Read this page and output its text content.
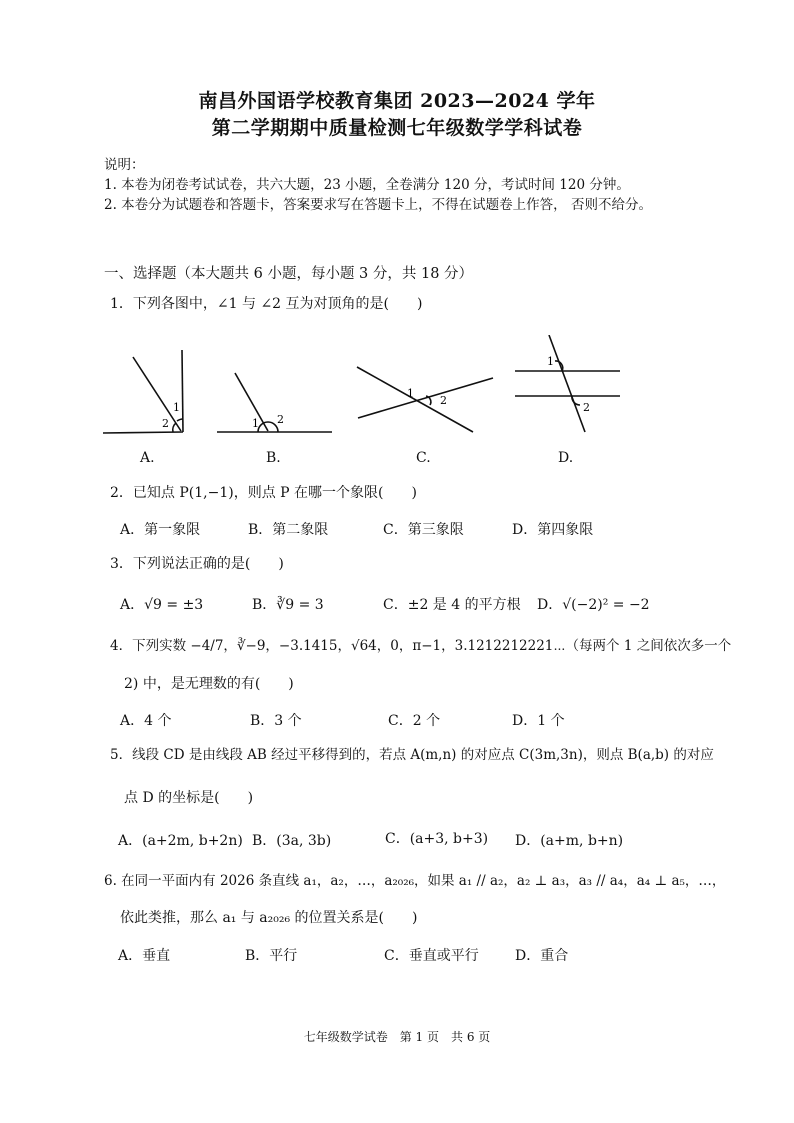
南昌外国语学校教育集团 2023—2024 学年
第二学期期中质量检测七年级数学学科试卷
说明：
1. 本卷为闭卷考试试卷，共六大题，23 小题，全卷满分 120 分，考试时间 120 分钟。
2. 本卷分为试题卷和答题卡，答案要求写在答题卡上，不得在试题卷上作答， 否则不给分。
一、选择题（本大题共 6 小题，每小题 3 分，共 18 分）
1．下列各图中，∠1 与 ∠2 互为对顶角的是(　　)
2
1
1 2
1
2
1
2
A.	B.	C.	D.
2．已知点 P(1,−1)，则点 P 在哪一个象限(　　)
A．第一象限	B．第二象限	C．第三象限	D．第四象限
3．下列说法正确的是(　　)
A．√9 = ±3	B．∛9 = 3	C．±2 是 4 的平方根 D．√(−2)² = −2
4．下列实数 −4/7，∛−9，−3.1415，√64，0，π−1，3.1212212221⋯（每两个 1 之间依次多一个
2) 中，是无理数的有(　　)
A．4 个	B．3 个	C．2 个	D．1 个
5．线段 CD 是由线段 AB 经过平移得到的，若点 A(m,n) 的对应点 C(3m,3n)，则点 B(a,b) 的对应
点 D 的坐标是(　　)
A．(a+2m, b+2n) B．(3a, 3b)	C．(a+3, b+3) D．(a+m, b+n)
6. 在同一平面内有 2026 条直线 a₁，a₂，…，a₂₀₂₆，如果 a₁ // a₂，a₂ ⊥ a₃，a₃ // a₄，a₄ ⊥ a₅，…，
依此类推，那么 a₁ 与 a₂₀₂₆ 的位置关系是(　　)
A．垂直	B．平行	C．垂直或平行	D．重合
七年级数学试卷　第 1 页　共 6 页
